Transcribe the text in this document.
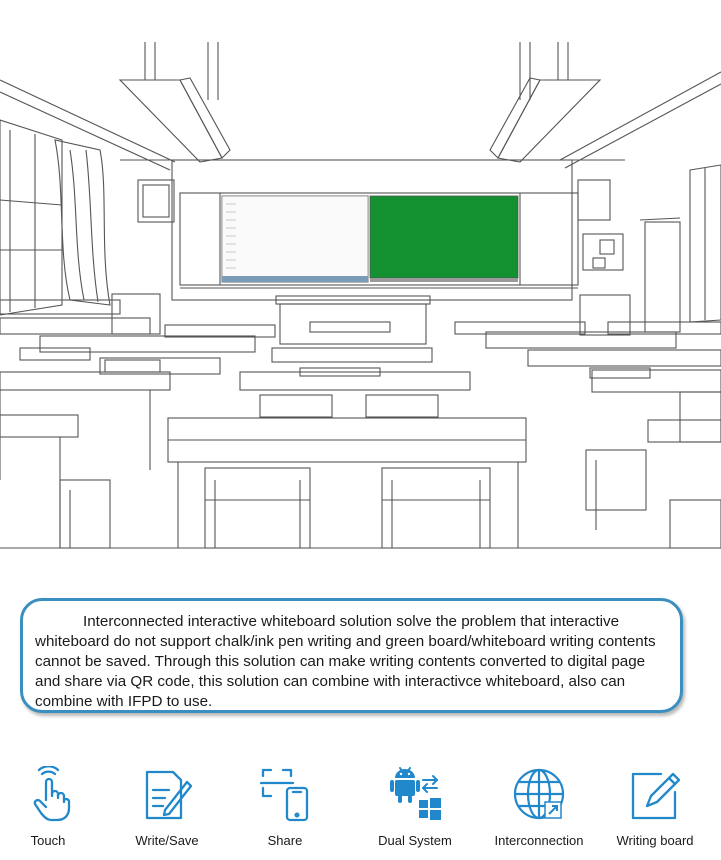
Interconnected interactive whiteboard solution solve the problem that interactive whiteboard do not support chalk/ink pen writing and green board/whiteboard writing contents cannot be saved. Through this solution can make writing contents converted to digital page and share via QR code, this solution can combine with interactivce whiteboard, also can combine with IFPD to use.

Touch	Write/Save	Share	Dual System	Interconnection	Writing board
